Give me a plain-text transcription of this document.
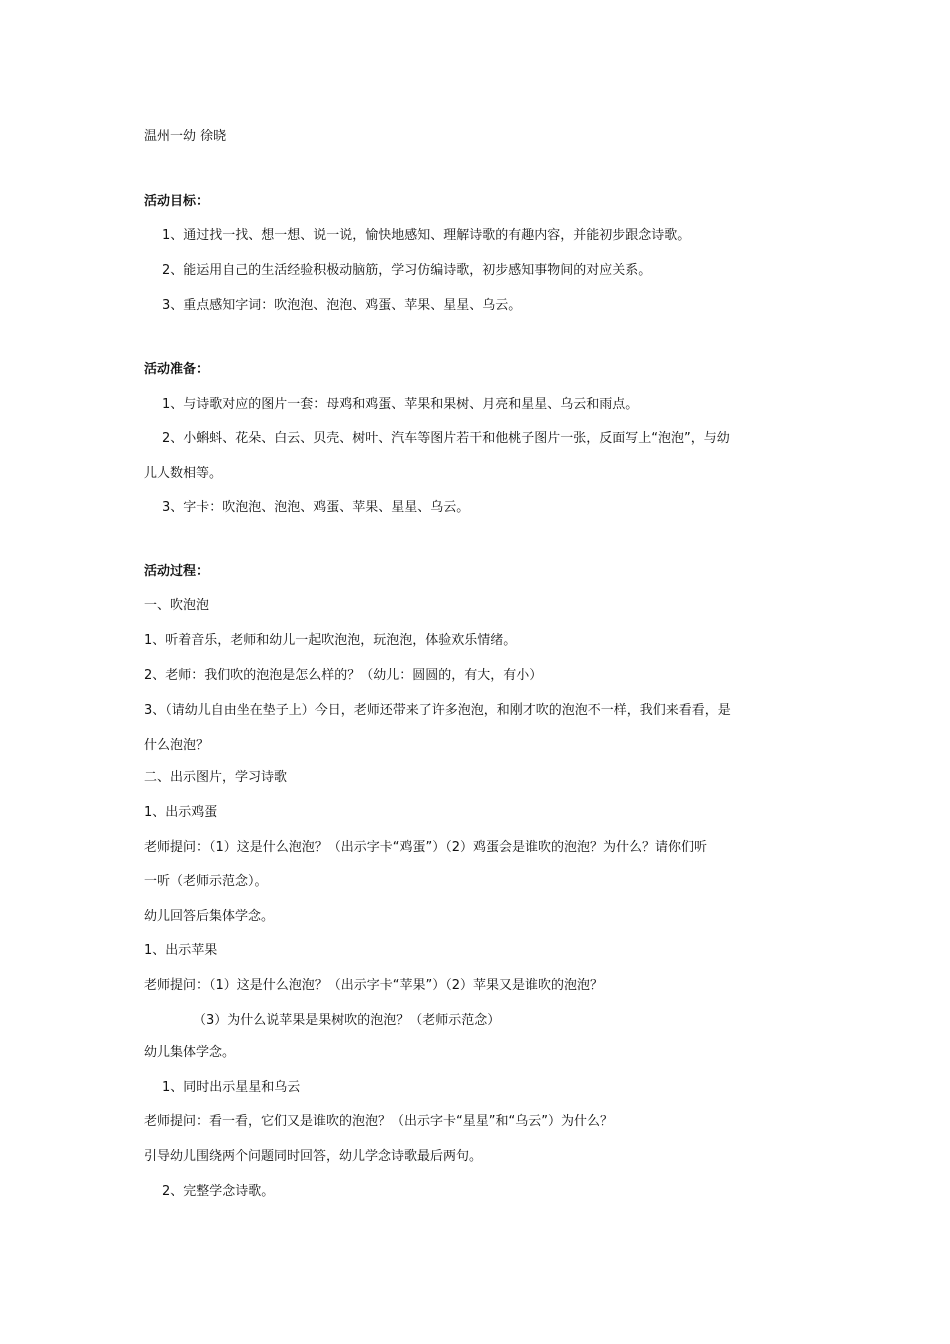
温州一幼 徐晓
活动目标：
1、通过找一找、想一想、说一说，愉快地感知、理解诗歌的有趣内容，并能初步跟念诗歌。
2、能运用自己的生活经验积极动脑筋，学习仿编诗歌，初步感知事物间的对应关系。
3、重点感知字词：吹泡泡、泡泡、鸡蛋、苹果、星星、乌云。
活动准备：
1、与诗歌对应的图片一套：母鸡和鸡蛋、苹果和果树、月亮和星星、乌云和雨点。
2、小蝌蚪、花朵、白云、贝壳、树叶、汽车等图片若干和他桃子图片一张，反面写上“泡泡”，与幼
儿人数相等。
3、字卡：吹泡泡、泡泡、鸡蛋、苹果、星星、乌云。
活动过程：
一、吹泡泡
1、听着音乐，老师和幼儿一起吹泡泡，玩泡泡，体验欢乐情绪。
2、老师：我们吹的泡泡是怎么样的？（幼儿：圆圆的，有大，有小）
3、（请幼儿自由坐在垫子上）今日，老师还带来了许多泡泡，和刚才吹的泡泡不一样，我们来看看，是
什么泡泡？
二、出示图片，学习诗歌
1、出示鸡蛋
老师提问：（1）这是什么泡泡？（出示字卡“鸡蛋”）（2）鸡蛋会是谁吹的泡泡？为什么？请你们听
一听（老师示范念）。
幼儿回答后集体学念。
1、出示苹果
老师提问：（1）这是什么泡泡？（出示字卡“苹果”）（2）苹果又是谁吹的泡泡？
（3）为什么说苹果是果树吹的泡泡？（老师示范念）
幼儿集体学念。
1、同时出示星星和乌云
老师提问：看一看，它们又是谁吹的泡泡？（出示字卡“星星”和“乌云”）为什么？
引导幼儿围绕两个问题同时回答，幼儿学念诗歌最后两句。
2、完整学念诗歌。
